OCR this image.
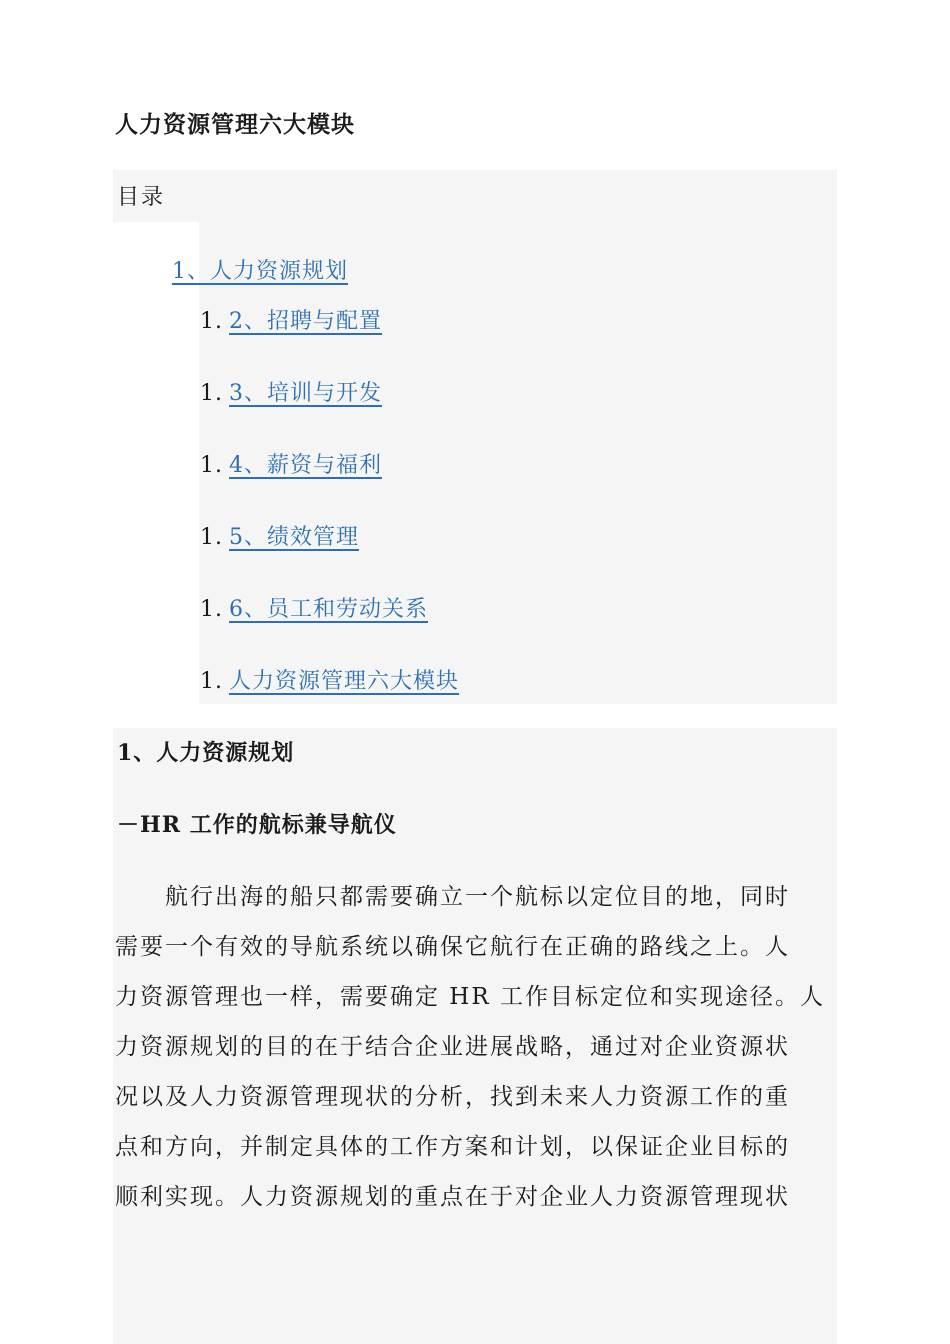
人力资源管理六大模块
目录
1、人力资源规划
1. 2、招聘与配置
1. 3、培训与开发
1. 4、薪资与福利
1. 5、绩效管理
1. 6、员工和劳动关系
1. 人力资源管理六大模块
1、人力资源规划
－HR 工作的航标兼导航仪
　　航行出海的船只都需要确立一个航标以定位目的地，同时
需要一个有效的导航系统以确保它航行在正确的路线之上。人
力资源管理也一样，需要确定 HR 工作目标定位和实现途径。人
力资源规划的目的在于结合企业进展战略，通过对企业资源状
况以及人力资源管理现状的分析，找到未来人力资源工作的重
点和方向，并制定具体的工作方案和计划，以保证企业目标的
顺利实现。人力资源规划的重点在于对企业人力资源管理现状
